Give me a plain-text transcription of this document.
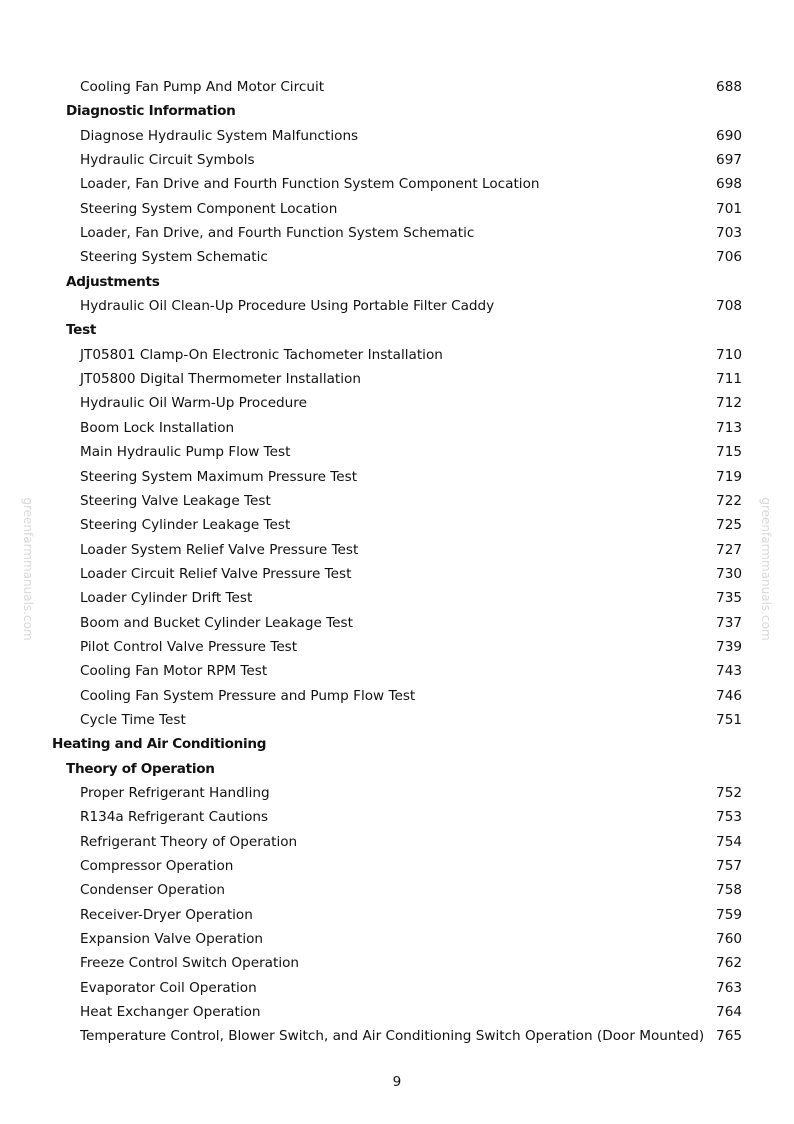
Cooling Fan Pump And Motor Circuit	688
Diagnostic Information
Diagnose Hydraulic System Malfunctions	690
Hydraulic Circuit Symbols	697
Loader, Fan Drive and Fourth Function System Component Location	698
Steering System Component Location	701
Loader, Fan Drive, and Fourth Function System Schematic	703
Steering System Schematic	706
Adjustments
Hydraulic Oil Clean-Up Procedure Using Portable Filter Caddy	708
Test
JT05801 Clamp-On Electronic Tachometer Installation	710
JT05800 Digital Thermometer Installation	711
Hydraulic Oil Warm-Up Procedure	712
Boom Lock Installation	713
Main Hydraulic Pump Flow Test	715
Steering System Maximum Pressure Test	719
Steering Valve Leakage Test	722
Steering Cylinder Leakage Test	725
Loader System Relief Valve Pressure Test	727
Loader Circuit Relief Valve Pressure Test	730
Loader Cylinder Drift Test	735
Boom and Bucket Cylinder Leakage Test	737
Pilot Control Valve Pressure Test	739
Cooling Fan Motor RPM Test	743
Cooling Fan System Pressure and Pump Flow Test	746
Cycle Time Test	751
Heating and Air Conditioning
Theory of Operation
Proper Refrigerant Handling	752
R134a Refrigerant Cautions	753
Refrigerant Theory of Operation	754
Compressor Operation	757
Condenser Operation	758
Receiver-Dryer Operation	759
Expansion Valve Operation	760
Freeze Control Switch Operation	762
Evaporator Coil Operation	763
Heat Exchanger Operation	764
Temperature Control, Blower Switch, and Air Conditioning Switch Operation (Door Mounted) 765
greenfarmmanuals.com	greenfarmmanuals.com
9
